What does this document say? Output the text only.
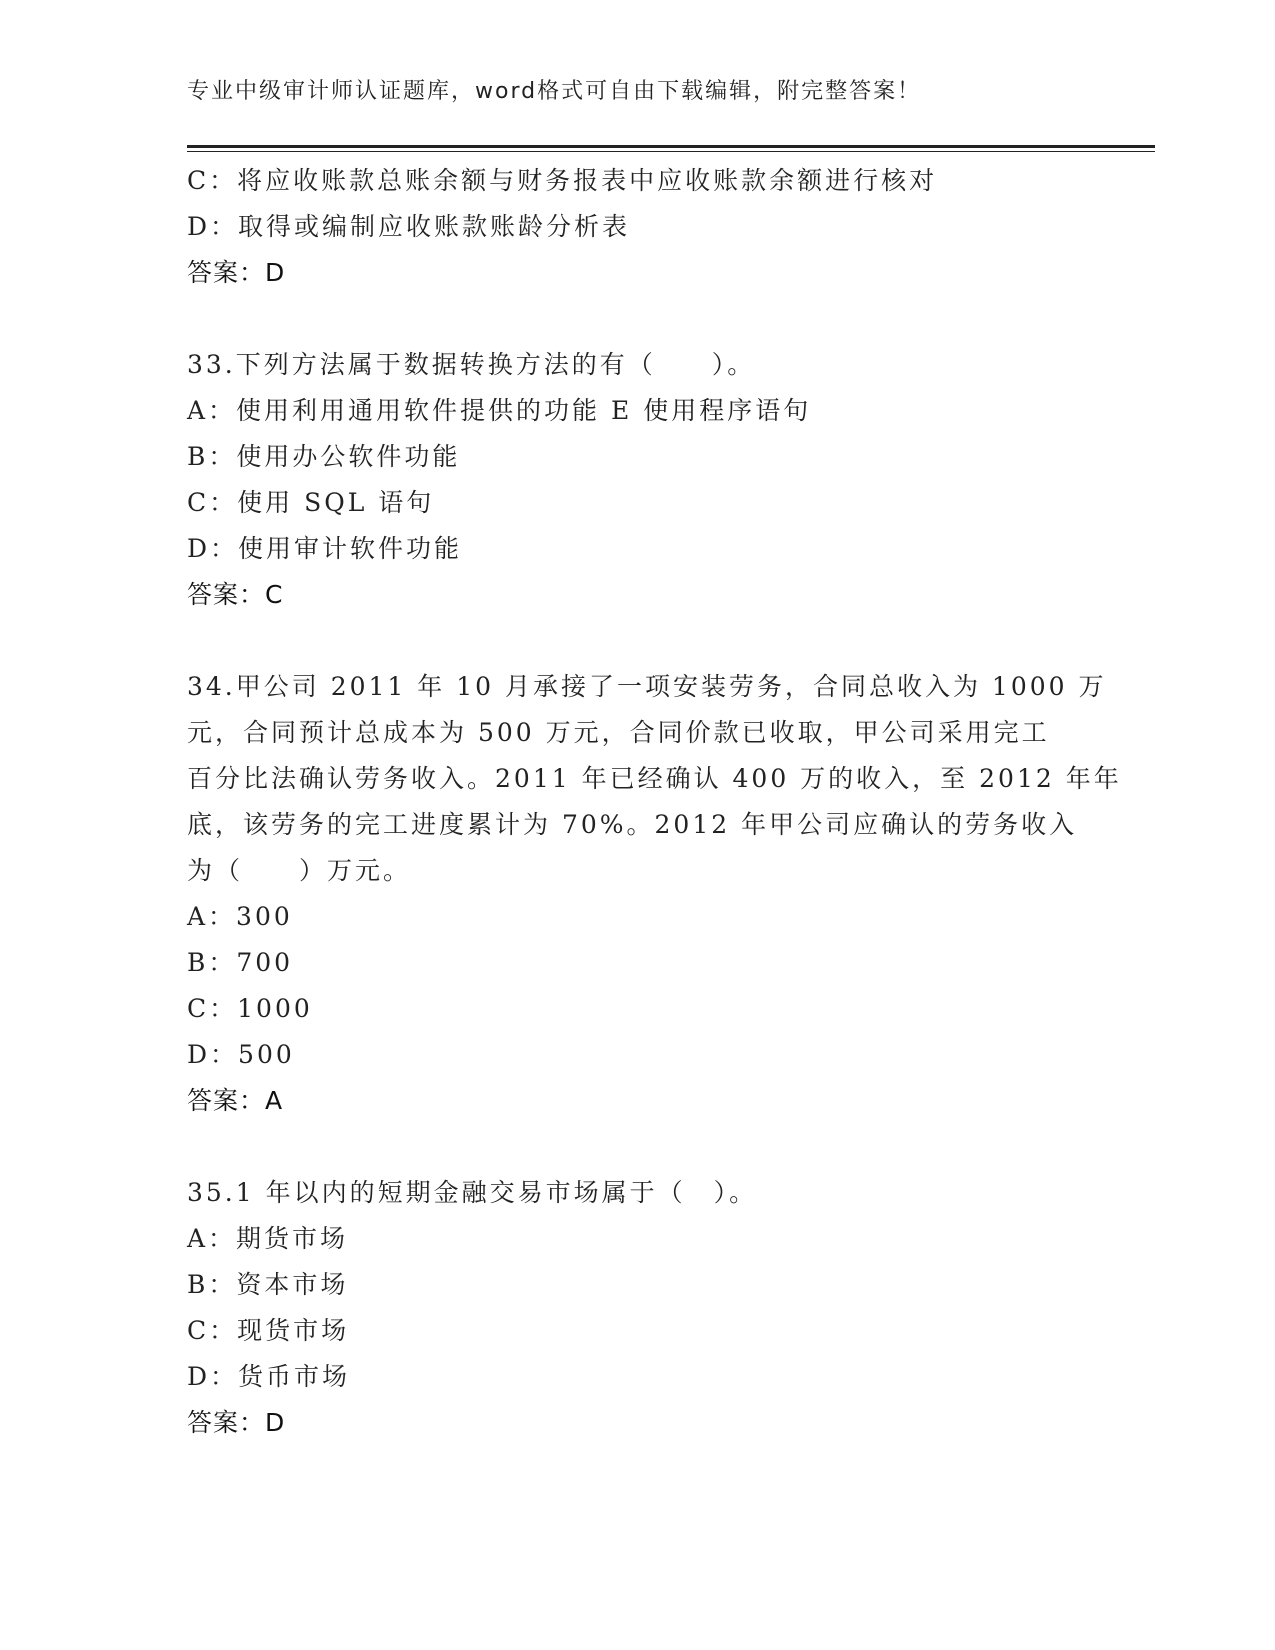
专业中级审计师认证题库，word格式可自由下载编辑，附完整答案！
C：将应收账款总账余额与财务报表中应收账款余额进行核对
D：取得或编制应收账款账龄分析表
答案：D
33.下列方法属于数据转换方法的有（　　）。
A：使用利用通用软件提供的功能 E 使用程序语句
B：使用办公软件功能
C：使用 SQL 语句
D：使用审计软件功能
答案：C
34.甲公司 2011 年 10 月承接了一项安装劳务，合同总收入为 1000 万
元，合同预计总成本为 500 万元，合同价款已收取，甲公司采用完工
百分比法确认劳务收入。2011 年已经确认 400 万的收入，至 2012 年年
底，该劳务的完工进度累计为 70%。2012 年甲公司应确认的劳务收入
为（　　）万元。
A：300
B：700
C：1000
D：500
答案：A
35.1 年以内的短期金融交易市场属于（　）。
A：期货市场
B：资本市场
C：现货市场
D：货币市场
答案：D
